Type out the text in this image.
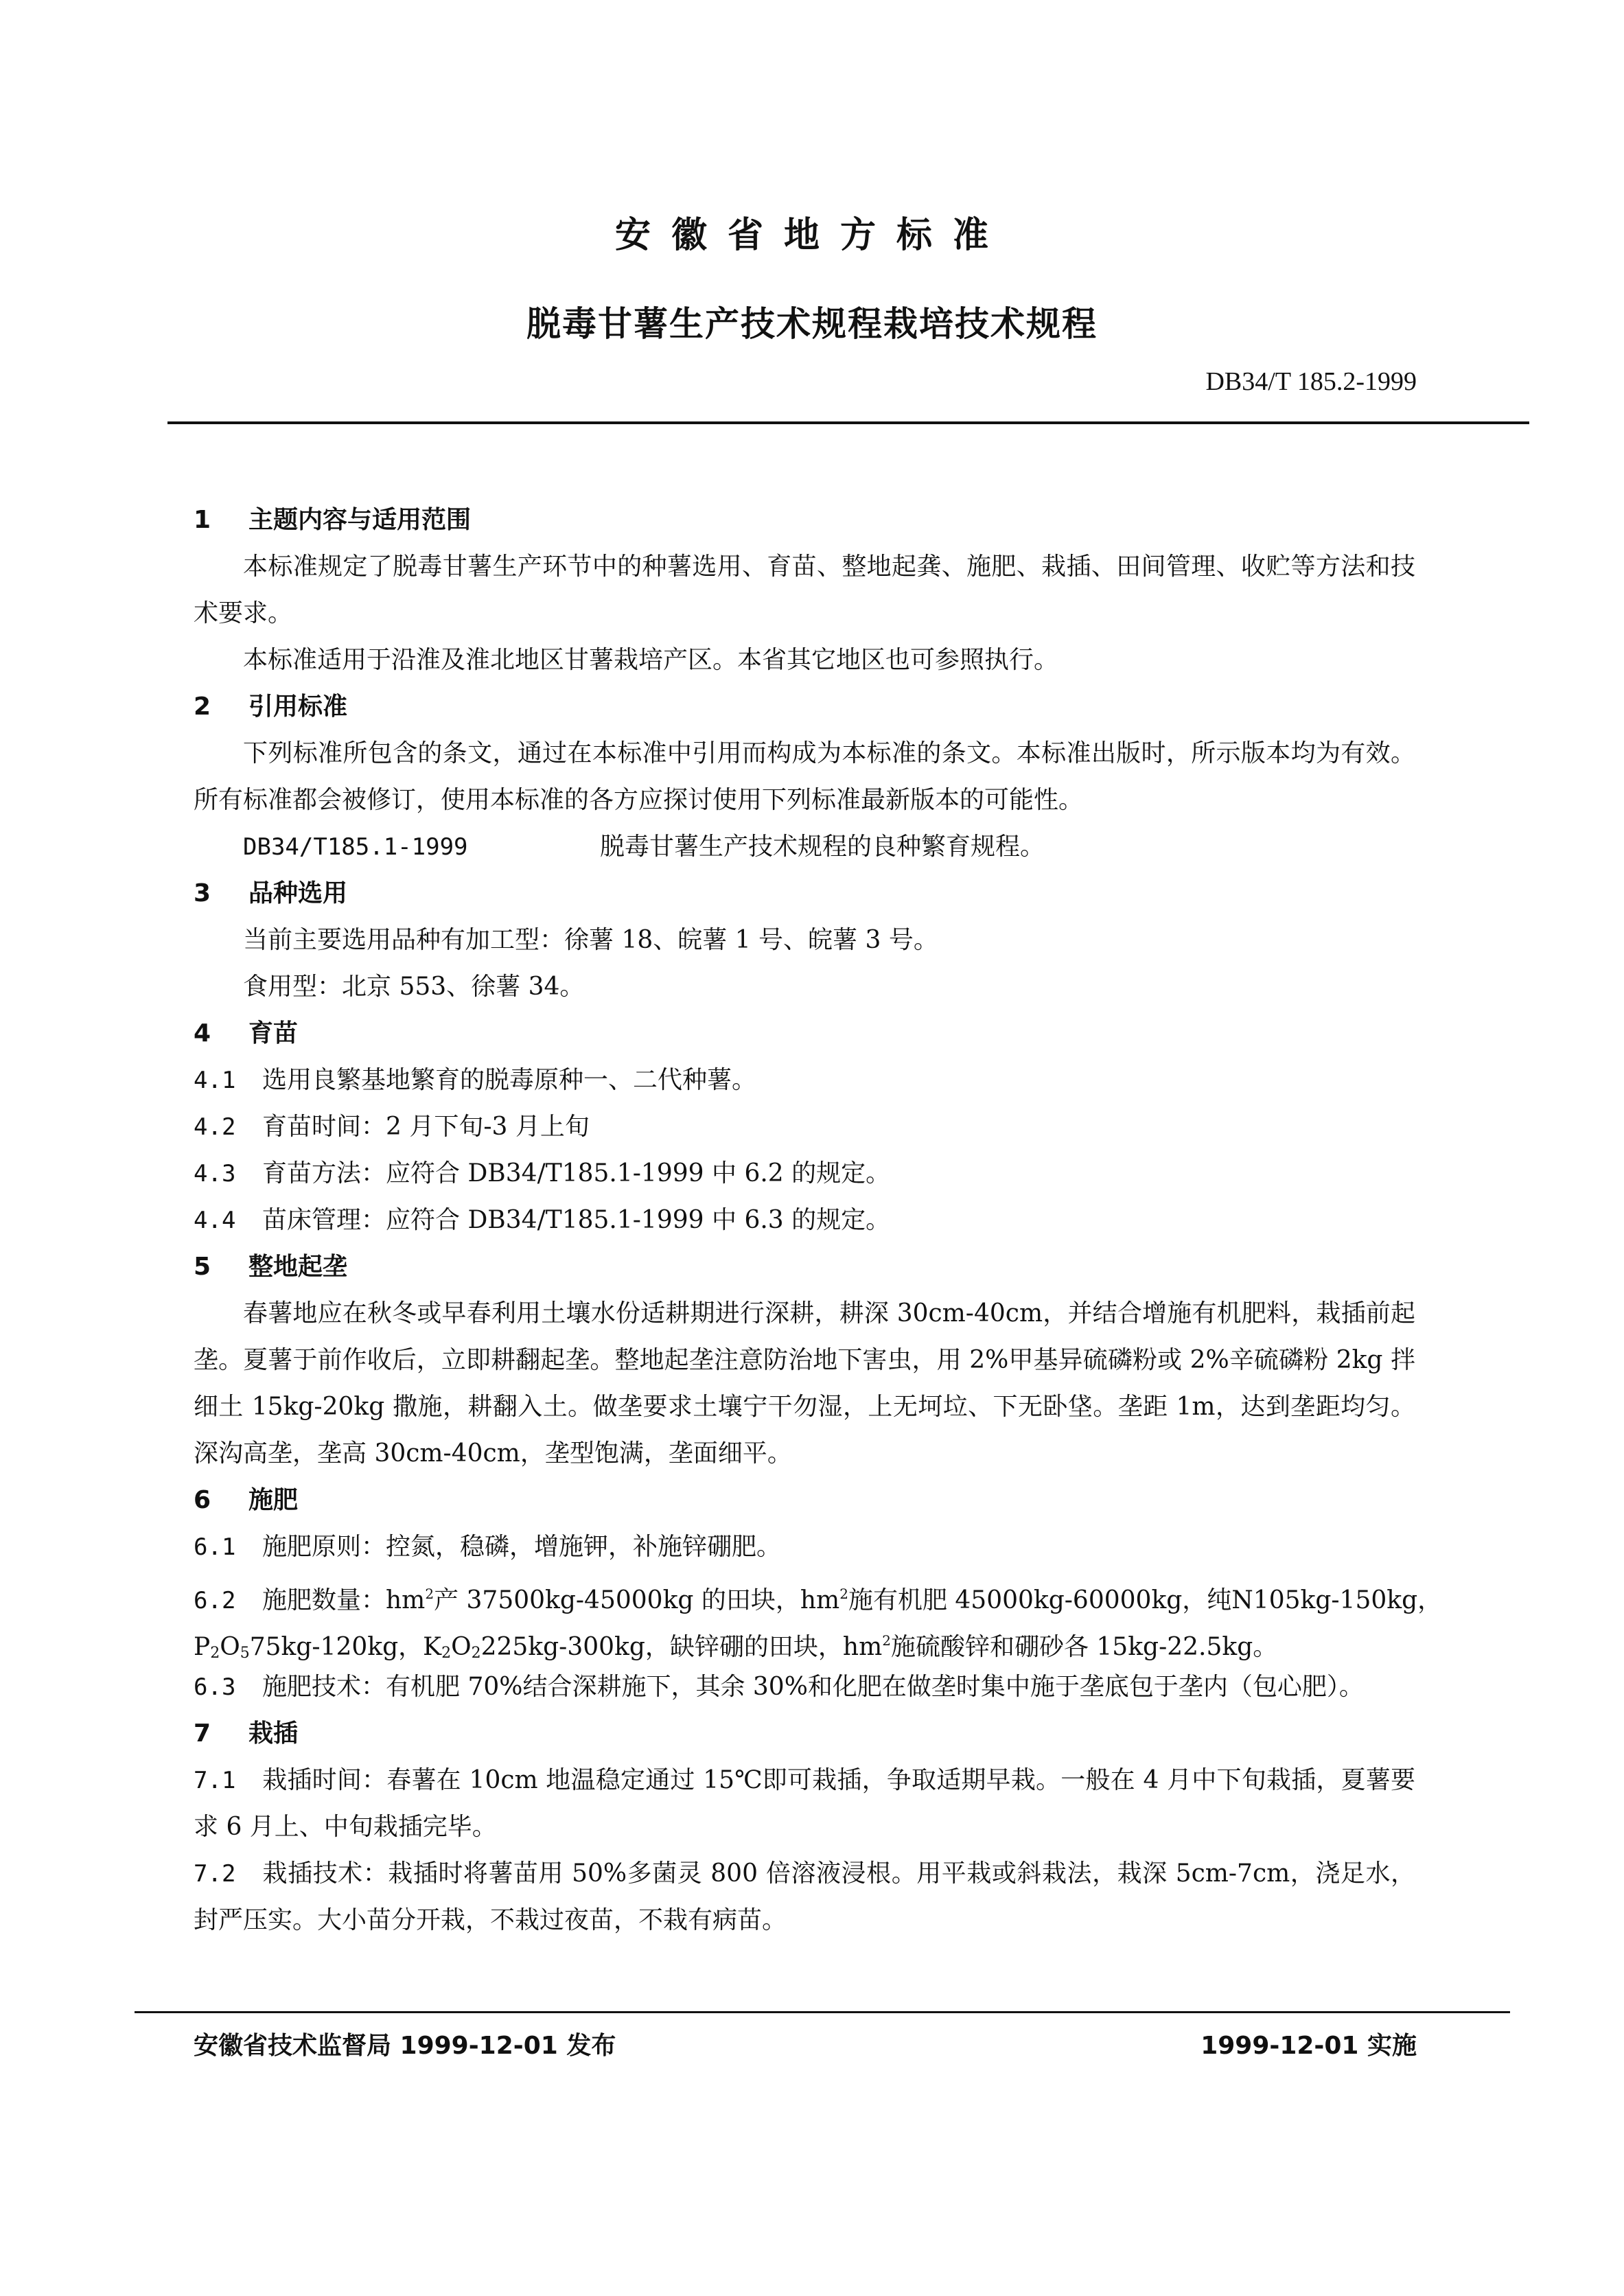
安徽省地方标准
脱毒甘薯生产技术规程栽培技术规程
DB34/T 185.2-1999
1 主题内容与适用范围
本标准规定了脱毒甘薯生产环节中的种薯选用、育苗、整地起龚、施肥、栽插、田间管理、收贮等方法和技术要求。
本标准适用于沿淮及淮北地区甘薯栽培产区。本省其它地区也可参照执行。
2 引用标准
下列标准所包含的条文，通过在本标准中引用而构成为本标准的条文。本标准出版时，所示版本均为有效。所有标准都会被修订，使用本标准的各方应探讨使用下列标准最新版本的可能性。
DB34/T185.1-1999	脱毒甘薯生产技术规程的良种繁育规程。
3 品种选用
当前主要选用品种有加工型：徐薯 18、皖薯 1 号、皖薯 3 号。
食用型：北京 553、徐薯 34。
4 育苗
4.1 选用良繁基地繁育的脱毒原种一、二代种薯。
4.2 育苗时间：2 月下旬-3 月上旬
4.3 育苗方法：应符合 DB34/T185.1-1999 中 6.2 的规定。
4.4 苗床管理：应符合 DB34/T185.1-1999 中 6.3 的规定。
5 整地起垄
春薯地应在秋冬或早春利用土壤水份适耕期进行深耕，耕深 30cm-40cm，并结合增施有机肥料，栽插前起垄。夏薯于前作收后，立即耕翻起垄。整地起垄注意防治地下害虫，用 2%甲基异硫磷粉或 2%辛硫磷粉 2kg 拌细土 15kg-20kg 撒施，耕翻入土。做垄要求土壤宁干勿湿，上无坷垃、下无卧垡。垄距 1m，达到垄距均匀。深沟高垄，垄高 30cm-40cm，垄型饱满，垄面细平。
6 施肥
6.1 施肥原则：控氮，稳磷，增施钾，补施锌硼肥。
6.2 施肥数量：$hm^2$产 37500kg-45000kg 的田块，$hm^2$施有机肥 45000kg-60000kg，纯N105kg-150kg，
$P_2O_575kg-120kg$，$K_2O_2225kg-300kg$，缺锌硼的田块，$hm^2$施硫酸锌和硼砂各 15kg-22.5kg。
6.3 施肥技术：有机肥 70%结合深耕施下，其余 30%和化肥在做垄时集中施于垄底包于垄内（包心肥）。
7 栽插
7.1 栽插时间：春薯在 10cm 地温稳定通过 15℃即可栽插，争取适期早栽。一般在 4 月中下旬栽插，夏薯要求 6 月上、中旬栽插完毕。
7.2 栽插技术：栽插时将薯苗用 50%多菌灵 800 倍溶液浸根。用平栽或斜栽法，栽深 5cm-7cm，浇足水，封严压实。大小苗分开栽，不栽过夜苗，不栽有病苗。
安徽省技术监督局 1999-12-01 发布	1999-12-01 实施
